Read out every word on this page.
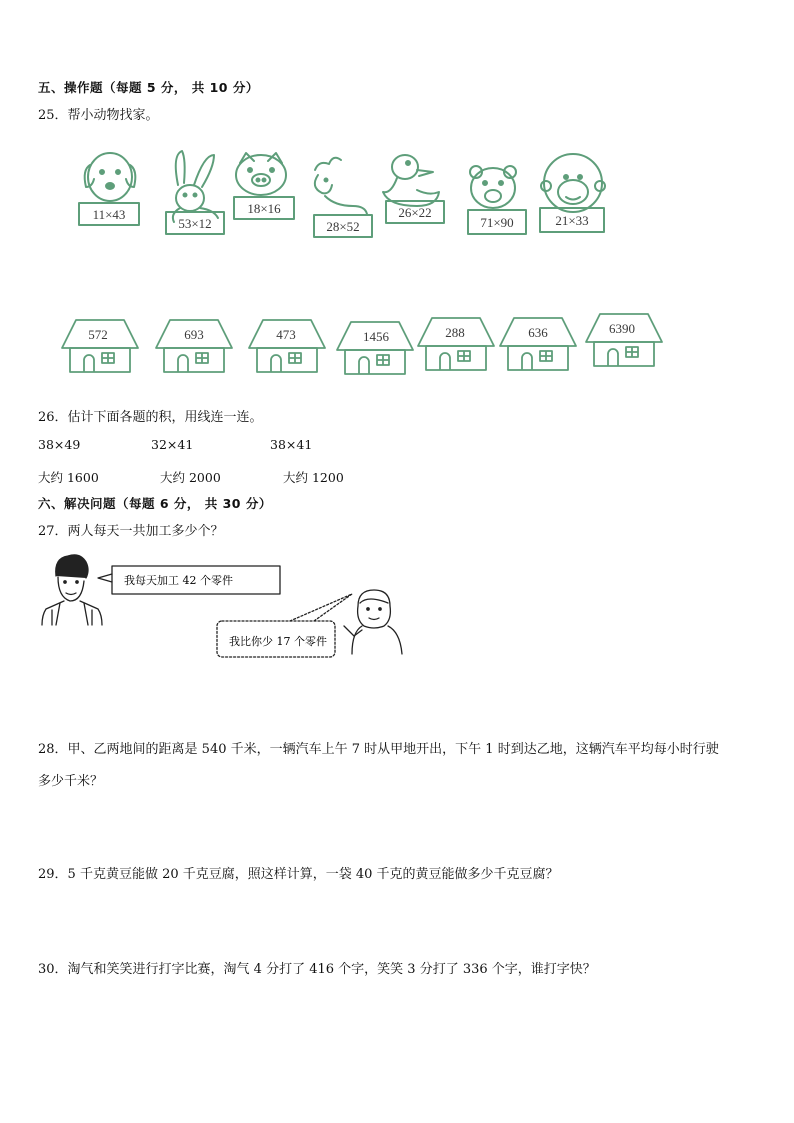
五、操作题（每题 5 分， 共 10 分）
25．帮小动物找家。
11×43
53×12
18×16
28×52
26×22
71×90	21×33
572	693	473	1456	288	636	6390
26．估计下面各题的积，用线连一连。
38×49	32×41	38×41
大约 1600	大约 2000	大约 1200
六、解决问题（每题 6 分， 共 30 分）
27．两人每天一共加工多少个？
我每天加工 42 个零件
我比你少 17 个零件
28．甲、乙两地间的距离是 540 千米，一辆汽车上午 7 时从甲地开出，下午 1 时到达乙地，这辆汽车平均每小时行驶
多少千米？
29．5 千克黄豆能做 20 千克豆腐，照这样计算，一袋 40 千克的黄豆能做多少千克豆腐？
30．淘气和笑笑进行打字比赛，淘气 4 分打了 416 个字，笑笑 3 分打了 336 个字，谁打字快？
